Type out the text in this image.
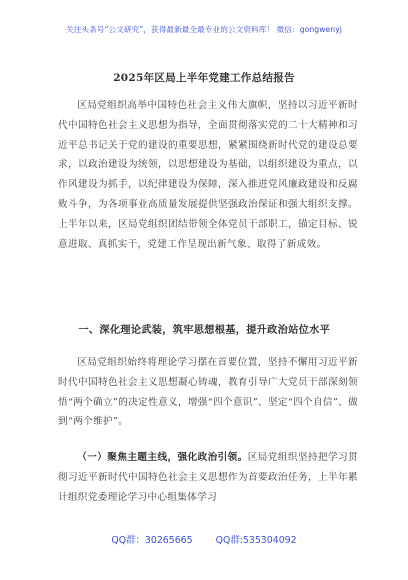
关注头条号“公文研究”，获得最新最全最专业的公文资料库！ 微信：gongwenyj
2025年区局上半年党建工作总结报告

区局党组织高举中国特色社会主义伟大旗帜，坚持以习近平新时代中国特色社会主义思想为指导，全面贯彻落实党的二十大精神和习近平总书记关于党的建设的重要思想，紧紧围绕新时代党的建设总要求，以政治建设为统领，以思想建设为基础，以组织建设为重点，以作风建设为抓手，以纪律建设为保障，深入推进党风廉政建设和反腐败斗争，为各项事业高质量发展提供坚强政治保证和强大组织支撑。上半年以来，区局党组织团结带领全体党员干部职工，锚定目标、锐意进取、真抓实干，党建工作呈现出新气象、取得了新成效。

一、深化理论武装，筑牢思想根基，提升政治站位水平

区局党组织始终将理论学习摆在首要位置，坚持不懈用习近平新时代中国特色社会主义思想凝心铸魂，教育引导广大党员干部深刻领悟“两个确立”的决定性意义，增强“四个意识”、坚定“四个自信”、做到“两个维护”。

（一）聚焦主题主线，强化政治引领。区局党组织坚持把学习贯彻习近平新时代中国特色社会主义思想作为首要政治任务，上半年累计组织党委理论学习中心组集体学习

QQ群：30265665 QQ群:535304092
